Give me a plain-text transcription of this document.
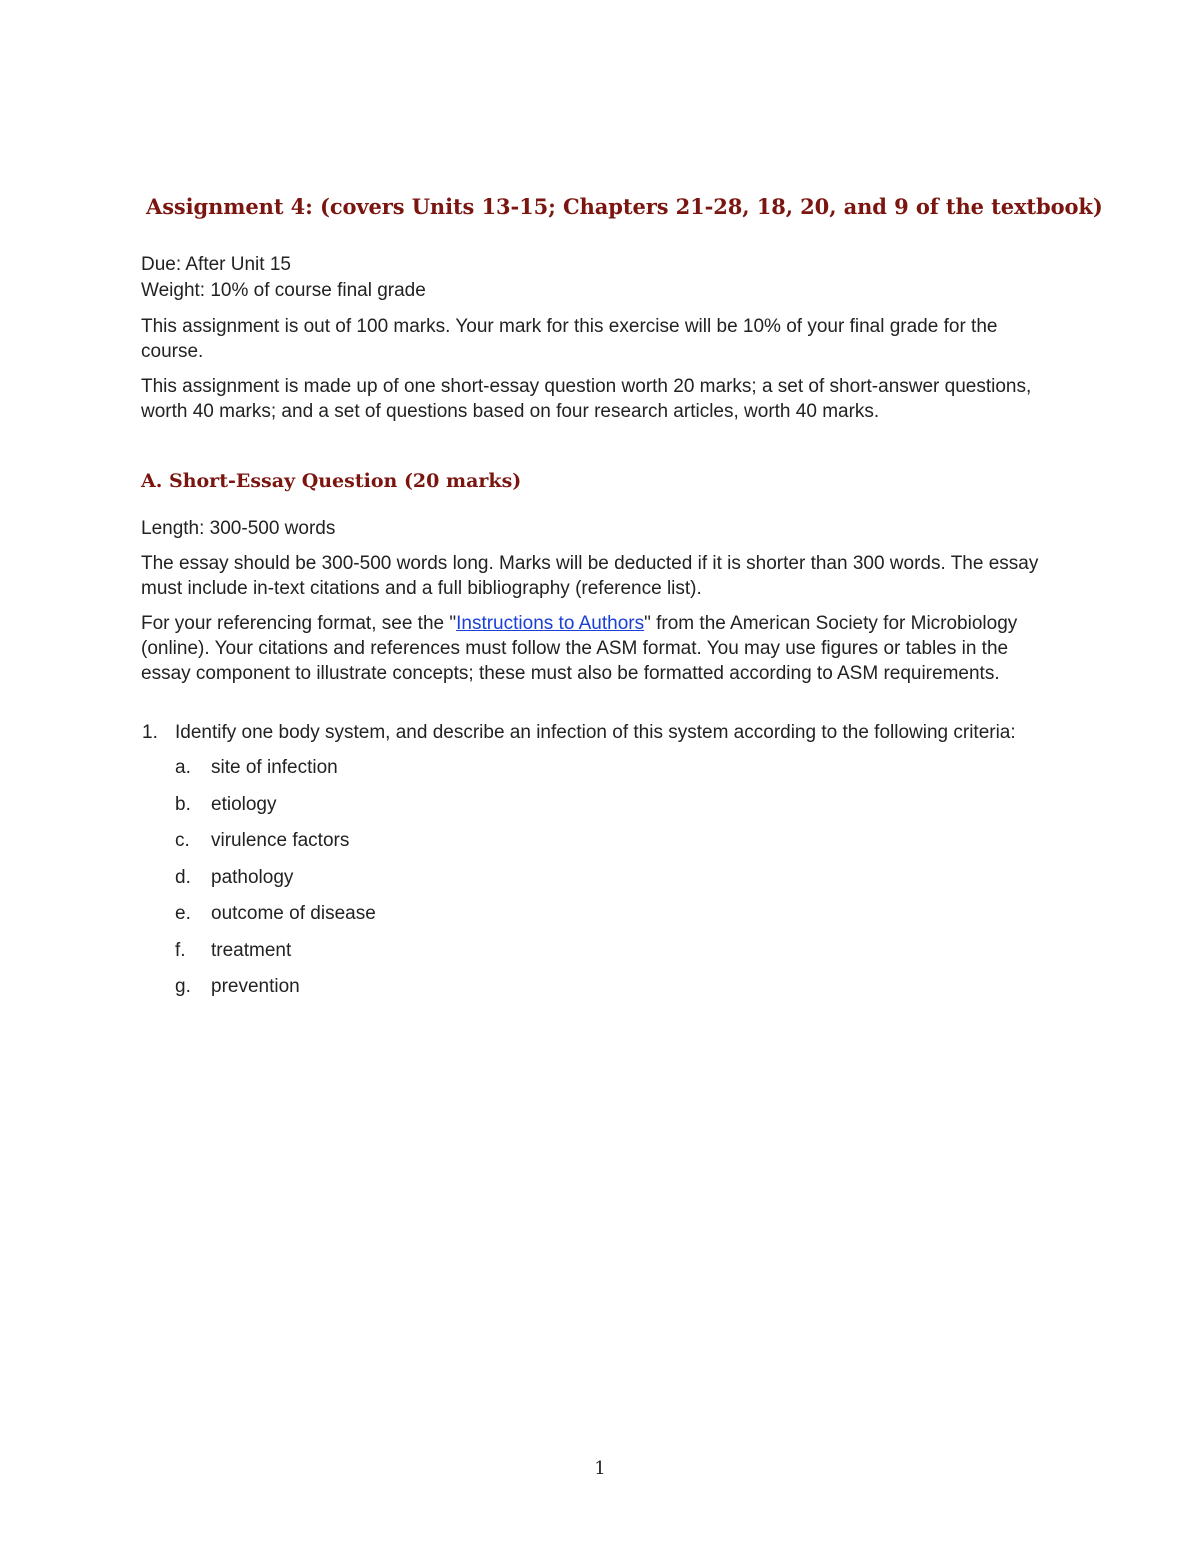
Assignment 4: (covers Units 13-15; Chapters 21-28, 18, 20, and 9 of the textbook)
Due: After Unit 15
Weight: 10% of course final grade

This assignment is out of 100 marks. Your mark for this exercise will be 10% of your final grade for the course.

This assignment is made up of one short-essay question worth 20 marks; a set of short-answer questions, worth 40 marks; and a set of questions based on four research articles, worth 40 marks.

A. Short-Essay Question (20 marks)

Length: 300-500 words

The essay should be 300-500 words long. Marks will be deducted if it is shorter than 300 words. The essay must include in-text citations and a full bibliography (reference list).

For your referencing format, see the "Instructions to Authors" from the American Society for Microbiology (online). Your citations and references must follow the ASM format. You may use figures or tables in the essay component to illustrate concepts; these must also be formatted according to ASM requirements.

1. Identify one body system, and describe an infection of this system according to the following criteria:
a. site of infection
b. etiology
c. virulence factors
d. pathology
e. outcome of disease
f. treatment
g. prevention
1
